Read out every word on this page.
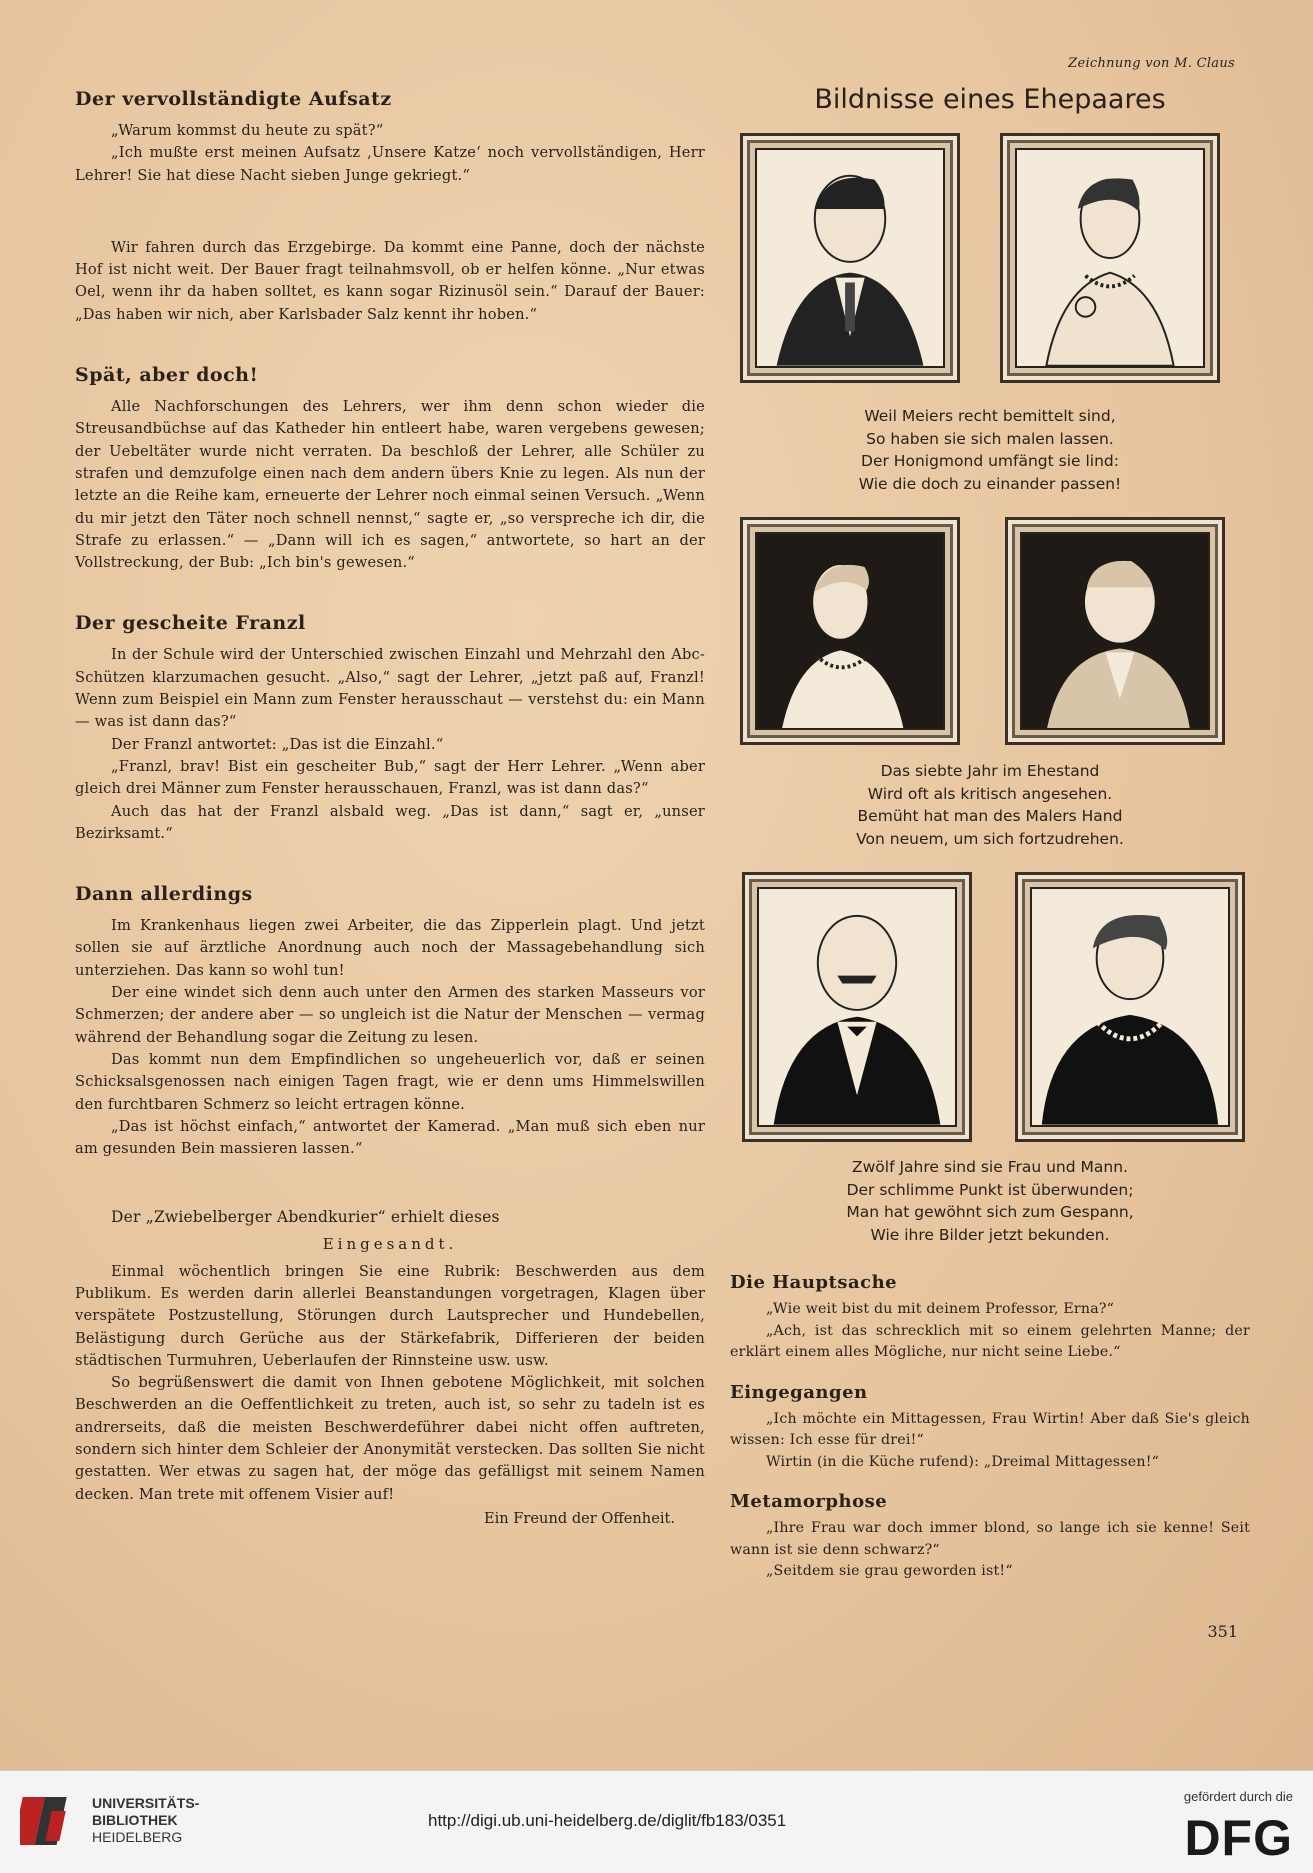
Zeichnung von M. Claus
Der vervollständigte Aufsatz

„Warum kommst du heute zu spät?“

„Ich mußte erst meinen Aufsatz ‚Unsere Katze‘ noch vervollständigen, Herr Lehrer! Sie hat diese Nacht sieben Junge gekriegt.“

Wir fahren durch das Erzgebirge. Da kommt eine Panne, doch der nächste Hof ist nicht weit. Der Bauer fragt teilnahmsvoll, ob er helfen könne. „Nur etwas Oel, wenn ihr da haben solltet, es kann sogar Rizinusöl sein.“ Darauf der Bauer: „Das haben wir nich, aber Karlsbader Salz kennt ihr hoben.“

Spät, aber doch!

Alle Nachforschungen des Lehrers, wer ihm denn schon wieder die Streusandbüchse auf das Katheder hin entleert habe, waren vergebens gewesen; der Uebeltäter wurde nicht verraten. Da beschloß der Lehrer, alle Schüler zu strafen und demzufolge einen nach dem andern übers Knie zu legen. Als nun der letzte an die Reihe kam, erneuerte der Lehrer noch einmal seinen Versuch. „Wenn du mir jetzt den Täter noch schnell nennst,“ sagte er, „so verspreche ich dir, die Strafe zu erlassen.“ — „Dann will ich es sagen,“ antwortete, so hart an der Vollstreckung, der Bub: „Ich bin's gewesen.“

Der gescheite Franzl

In der Schule wird der Unterschied zwischen Einzahl und Mehrzahl den Abc-Schützen klarzumachen gesucht. „Also,“ sagt der Lehrer, „jetzt paß auf, Franzl! Wenn zum Beispiel ein Mann zum Fenster herausschaut — verstehst du: ein Mann — was ist dann das?“

Der Franzl antwortet: „Das ist die Einzahl.“

„Franzl, brav! Bist ein gescheiter Bub,“ sagt der Herr Lehrer. „Wenn aber gleich drei Männer zum Fenster herausschauen, Franzl, was ist dann das?“

Auch das hat der Franzl alsbald weg. „Das ist dann,“ sagt er, „unser Bezirksamt.“

Dann allerdings

Im Krankenhaus liegen zwei Arbeiter, die das Zipperlein plagt. Und jetzt sollen sie auf ärztliche Anordnung auch noch der Massagebehandlung sich unterziehen. Das kann so wohl tun!

Der eine windet sich denn auch unter den Armen des starken Masseurs vor Schmerzen; der andere aber — so ungleich ist die Natur der Menschen — vermag während der Behandlung sogar die Zeitung zu lesen.

Das kommt nun dem Empfindlichen so ungeheuerlich vor, daß er seinen Schicksalsgenossen nach einigen Tagen fragt, wie er denn ums Himmelswillen den furchtbaren Schmerz so leicht ertragen könne.

„Das ist höchst einfach,“ antwortet der Kamerad. „Man muß sich eben nur am gesunden Bein massieren lassen.“

Der „Zwiebelberger Abendkurier“ erhielt dieses

Eingesandt.

Einmal wöchentlich bringen Sie eine Rubrik: Beschwerden aus dem Publikum. Es werden darin allerlei Beanstandungen vorgetragen, Klagen über verspätete Postzustellung, Störungen durch Lautsprecher und Hundebellen, Belästigung durch Gerüche aus der Stärkefabrik, Differieren der beiden städtischen Turmuhren, Ueberlaufen der Rinnsteine usw. usw.

So begrüßenswert die damit von Ihnen gebotene Möglichkeit, mit solchen Beschwerden an die Oeffentlichkeit zu treten, auch ist, so sehr zu tadeln ist es andrerseits, daß die meisten Beschwerdeführer dabei nicht offen auftreten, sondern sich hinter dem Schleier der Anonymität verstecken. Das sollten Sie nicht gestatten. Wer etwas zu sagen hat, der möge das gefälligst mit seinem Namen decken. Man trete mit offenem Visier auf!

Ein Freund der Offenheit.

Bildnisse eines Ehepaares
Weil Meiers recht bemittelt sind,
So haben sie sich malen lassen.
Der Honigmond umfängt sie lind:
Wie die doch zu einander passen!
Das siebte Jahr im Ehestand
Wird oft als kritisch angesehen.
Bemüht hat man des Malers Hand
Von neuem, um sich fortzudrehen.
Zwölf Jahre sind sie Frau und Mann.
Der schlimme Punkt ist überwunden;
Man hat gewöhnt sich zum Gespann,
Wie ihre Bilder jetzt bekunden.
Die Hauptsache

„Wie weit bist du mit deinem Professor, Erna?“

„Ach, ist das schrecklich mit so einem gelehrten Manne; der erklärt einem alles Mögliche, nur nicht seine Liebe.“

Eingegangen

„Ich möchte ein Mittagessen, Frau Wirtin! Aber daß Sie's gleich wissen: Ich esse für drei!“

Wirtin (in die Küche rufend): „Dreimal Mittagessen!“

Metamorphose

„Ihre Frau war doch immer blond, so lange ich sie kenne! Seit wann ist sie denn schwarz?“

„Seitdem sie grau geworden ist!“

351
UNIVERSITÄTS-
BIBLIOTHEK
HEIDELBERG
http://digi.ub.uni-heidelberg.de/diglit/fb183/0351
gefördert durch die
DFG
